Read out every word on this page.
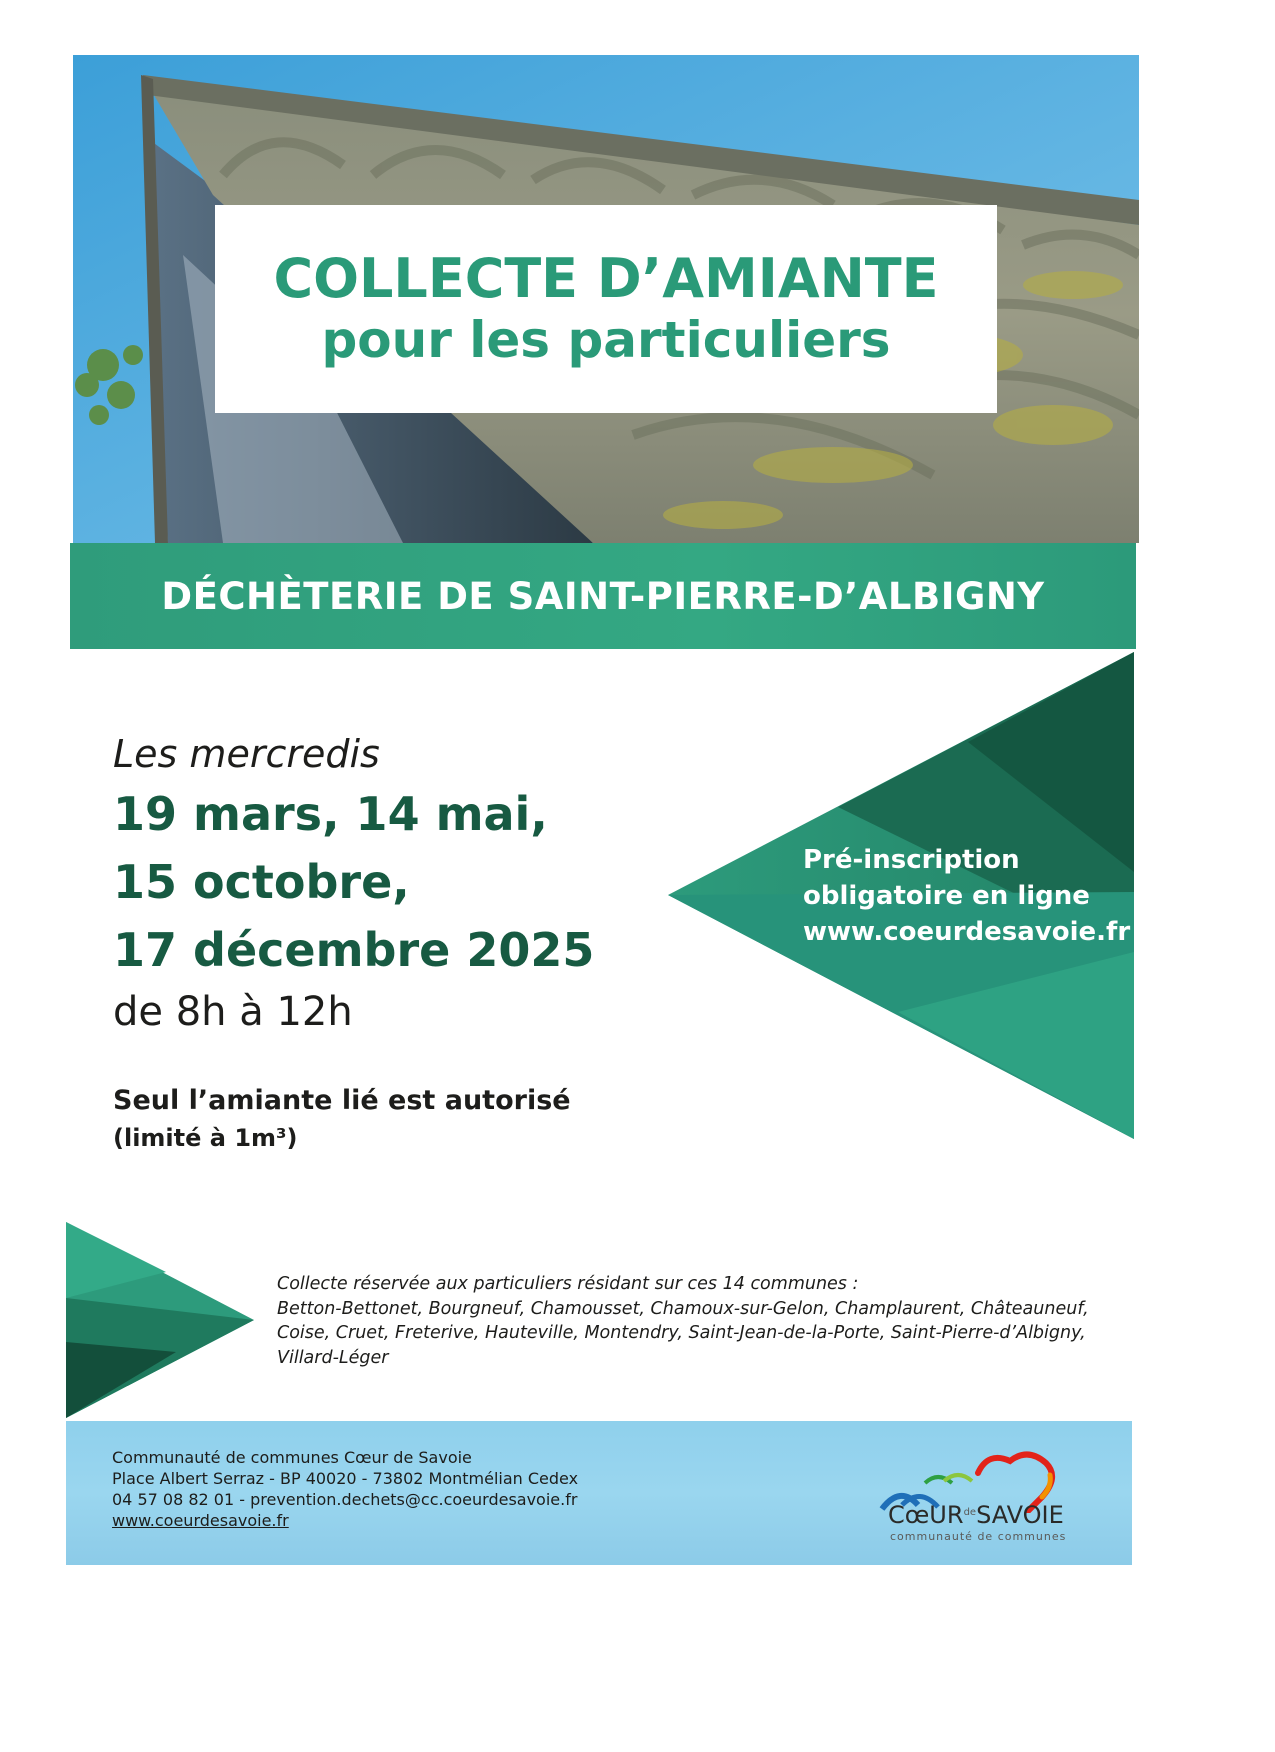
COLLECTE D’AMIANTE
pour les particuliers
DÉCHÈTERIE DE SAINT-PIERRE-D’ALBIGNY
Pré-inscription
obligatoire en ligne
www.coeurdesavoie.fr
Les mercredis
19 mars, 14 mai,
15 octobre,
17 décembre 2025
de 8h à 12h
Seul l’amiante lié est autorisé
(limité à 1m³)
Collecte réservée aux particuliers résidant sur ces 14 communes :
Betton-Bettonet, Bourgneuf, Chamousset, Chamoux-sur-Gelon, Champlaurent, Châteauneuf,
Coise, Cruet, Freterive, Hauteville, Montendry, Saint-Jean-de-la-Porte, Saint-Pierre-d’Albigny,
Villard-Léger
Communauté de communes Cœur de Savoie
Place Albert Serraz - BP 40020 - 73802 Montmélian Cedex
04 57 08 82 01 - prevention.dechets@cc.coeurdesavoie.fr
www.coeurdesavoie.fr	CœUR$^{de}$SAVOIE
communauté de communes
